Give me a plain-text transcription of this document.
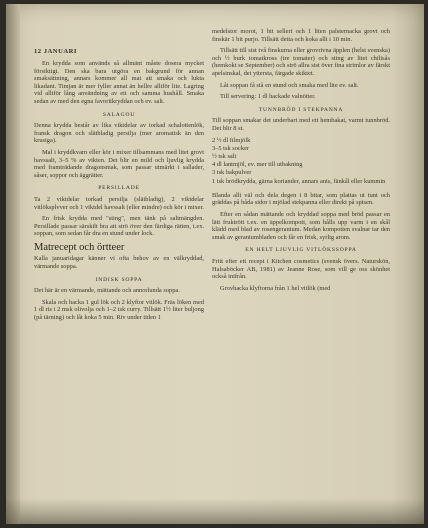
12 JANUARI

En krydda som används så allmänt måste dosera mycket försiktigt. Den ska bara utgöra en bakgrund för annan smaksättning, annars kommer all mat att smaka och lukta likadant. Timjan är mer fyller annat än hellre alltför lite. Lagring vid alltför lång användning av ett och samma hushåll. Smaka sedan av med den egna favoritkryddan och ev. salt.

SALAGOU

Denna krydda består av lika viktdelar av torkad schalottenlök, fransk dragon och slätbladig persilja (mer aromatisk än den krusiga).

Mal i kryddkvarn eller kör i mixer tillsammans med litet grovt havssalt, 3–5 % av vikten. Det blir en mild och ljuvlig krydda med framträdande dragonsmak, som passar utmärkt i sallader, såser, soppor och äggrätter.

PERSILLADE

Ta 2 viktdelar torkad persilja (slätbladig), 2 viktdelar vitlöksplvver och 1 viktdel havssalt (eller mindre) och kör i mixer.

En frisk krydda med "sting", men tänk på saltmängden. Persillade passar särskilt bra att strö över den färdiga rätten, t.ex. soppan, som sedan får dra en stund under lock.

Matrecept och örtteer

Kalla januaridagar känner vi ofta behov av en välkryddad, värmande soppa.

INDISK SOPPA

Det här är en värmande, mättande och annorlunda soppa.

Skala och hacka 1 gul lök och 2 klyftor vitlök. Fräs löken med 1 dl ris i 2 msk olivolja och 1–2 tsk curry. Tillsätt 1½ liter buljong (på tärning) och låt koka 5 min. Riv under tiden 1

medelstor morot, 1 bit selleri och 1 liten palsternacka grovt och finskär 1 bit purjo. Tillsätt detta och koka allt i 10 min.

Tillsätt till sist två finskurna eller grovrivna äpplen (helst svenska) och ½ burk tomatkross (tre tomater) och sting av litet chilisås (hemkokt se September) och strö allra sist över fina strimlor av färskt apelsinskal, det yttersta, färgade skiktet.

Låt soppan få stå en stund och smaka med lite ev. salt.

Till servering: 1 dl hackade valnötter.

TUNNBRÖD I STEKPANNA

Till soppan smakar det underbart med ett hembakat, varmt tunnbröd. Det blir 8 st.

2 ½ dl filmjölk
3–5 tsk socker
½ tsk salt
4 dl lantmjöl, ev. mer till utbakning
3 tsk bakpulver
1 tsk brödkrydda, gärna koriander, annars anis, fänkål eller kummin

Blanda allt väl och dela degen i 8 bitar, som plattas ut tunt och gräddas på båda sidor i mjölad stekpanna eller direkt på spisen.

Efter en sådan mättande och kryddad soppa med bröd passar en lätt fruktrött t.ex. en äppelkompott, som hålls upp varm i en skål klädd med blad av rosengeranium. Medan kompotten svalnar tar den smak av geraniumbladen och får en frisk, syrlig arom.

EN HELT LJUVLIG VITLÖKSSOPPA

Fritt efter ett recept i Kitchen cosmetics (svensk övers. Naturskön, Halsaböcker AB, 1981) av Jeanne Rose, som vill ge oss skönhet också inifrån.

Grovhacka klyftorna från 1 hel vitlök (med
